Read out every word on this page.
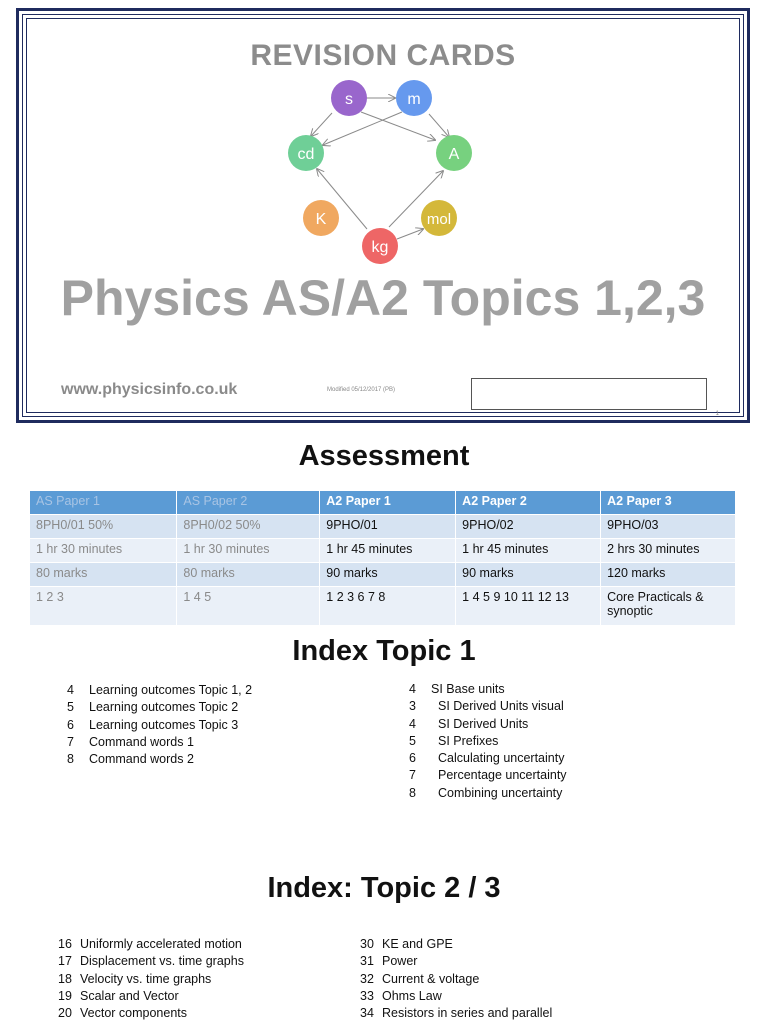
REVISION CARDS
s	m
cd	A
K	mol
kg
Physics AS/A2 Topics 1,2,3
www.physicsinfo.co.uk	Modified 05/12/2017 (PB)
1
Assessment
AS Paper 1	AS Paper 2	A2 Paper 1	A2 Paper 2	A2 Paper 3
8PH0/01 50%	8PH0/02 50%	9PHO/01	9PHO/02	9PHO/03
1 hr 30 minutes	1 hr 30 minutes	1 hr 45 minutes	1 hr 45 minutes	2 hrs 30 minutes
80 marks	80 marks	90 marks	90 marks	120 marks
1 2 3	1 4 5	1 2 3 6 7 8	1 4 5 9 10 11 12 13	Core Practicals & synoptic
Index Topic 1
4 Learning outcomes Topic 1, 2
5 Learning outcomes Topic 2
6 Learning outcomes Topic 3
7 Command words 1
8 Command words 2
4 SI Base units
3 SI Derived Units visual
4 SI Derived Units
5 SI Prefixes
6 Calculating uncertainty
7 Percentage uncertainty
8 Combining uncertainty
Index: Topic 2 / 3
16 Uniformly accelerated motion
17 Displacement vs. time graphs
18 Velocity vs. time graphs
19 Scalar and Vector
20 Vector components
30 KE and GPE
31 Power
32 Current & voltage
33 Ohms Law
34 Resistors in series and parallel
